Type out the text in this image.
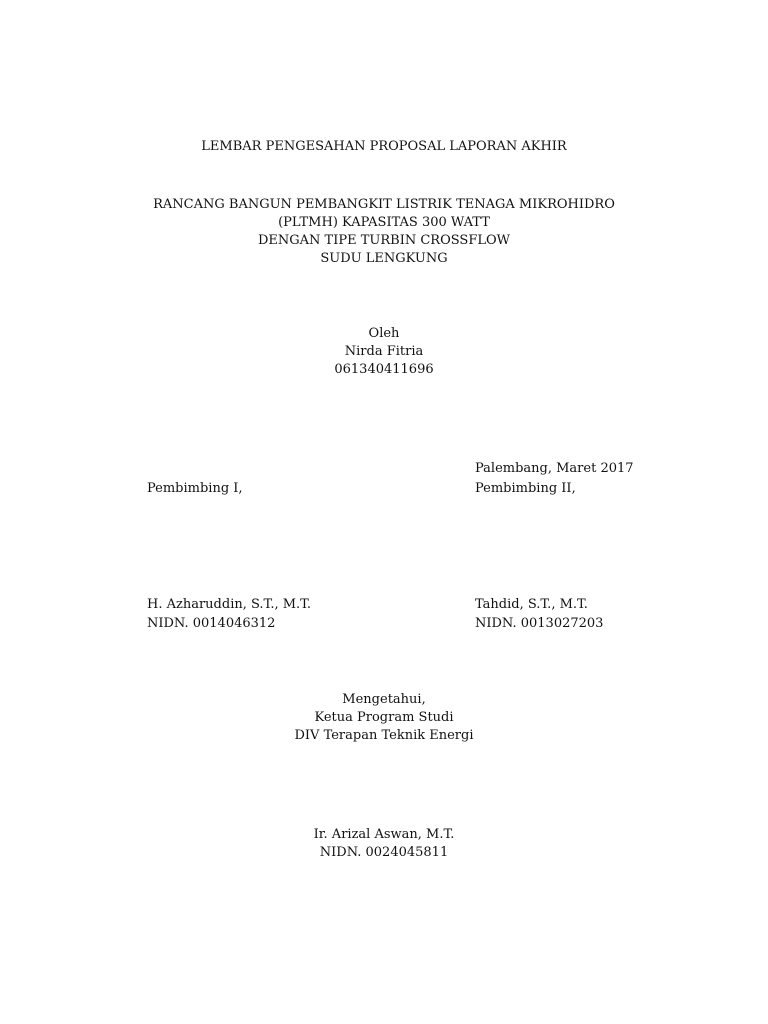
LEMBAR PENGESAHAN PROPOSAL LAPORAN AKHIR
RANCANG BANGUN PEMBANGKIT LISTRIK TENAGA MIKROHIDRO
(PLTMH) KAPASITAS 300 WATT
DENGAN TIPE TURBIN CROSSFLOW
SUDU LENGKUNG
Oleh
Nirda Fitria
061340411696
Palembang, Maret 2017
Pembimbing I,	Pembimbing II,
H. Azharuddin, S.T., M.T.	Tahdid, S.T., M.T.
NIDN. 0014046312	NIDN. 0013027203
Mengetahui,
Ketua Program Studi
DIV Terapan Teknik Energi
Ir. Arizal Aswan, M.T.
NIDN. 0024045811
